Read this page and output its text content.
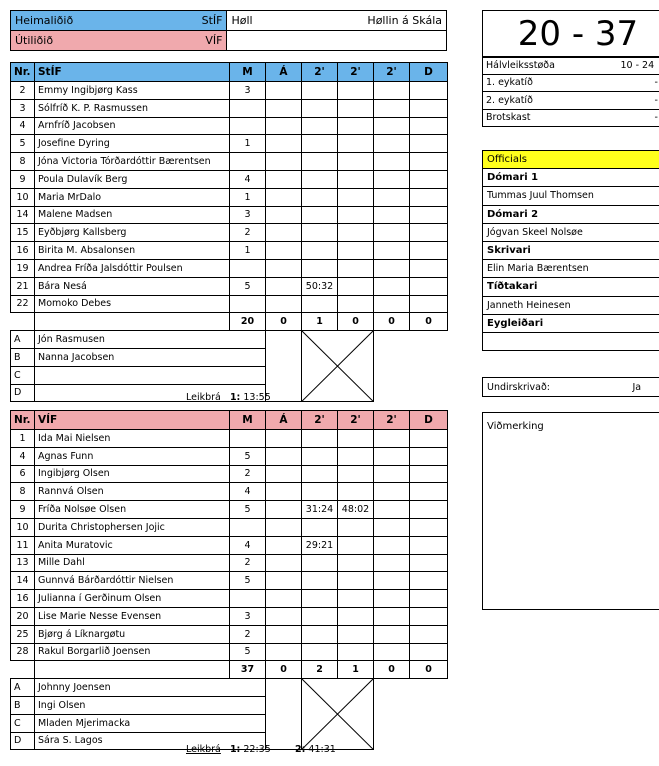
Heimaliðið StÍF	Høll Høllin á Skála

Útiliðið VÍF	

Nr.	StÍF	M	Á	2'	2'	2'	D
2	Emmy Ingibjørg Kass	3					
3	Sólfríð K. P. Rasmussen						
4	Arnfríð Jacobsen						
5	Josefine Dyring	1					
8	Jóna Victoria Tórðardóttir Bærentsen						
9	Poula Dulavík Berg	4					
10	Maria MrDalo	1					
14	Malene Madsen	3					
15	Eyðbjørg Kallsberg	2					
16	Birita M. Absalonsen	1					
19	Andrea Fríða Jalsdóttir Poulsen						
21	Bára Nesá	5		50:32			
22	Momoko Debes						
		20	0	1	0	0	0
A	Jón Rasmusen		

B	Nanna Jacobsen						
C							
D								Leikbrá 1: 13:55
Nr.	VÍF	M	Á	2'	2'	2'	D
1	Ida Mai Nielsen						
4	Agnas Funn	5					
6	Ingibjørg Olsen	2					
8	Rannvá Olsen	4					
9	Fríða Nolsøe Olsen	5		31:24	48:02		
10	Durita Christophersen Jojic						
11	Anita Muratovic	4		29:21			
13	Mille Dahl	2					
14	Gunnvá Bárðardóttir Nielsen	5					
16	Julianna í Gerðinum Olsen						
20	Lise Marie Nesse Evensen	3					
25	Bjørg á Líknargøtu	2					
28	Rakul Borgarlið Joensen	5					
		37	0	2	1	0	0
A	Johnny Joensen		

B	Ingi Olsen						
C	Mladen Mjerimacka						
D	Sára S. Lagos						
Leikbrá 1: 22:35	2: 41:31
20 - 37
Hálvleiksstøða	10 - 24

1. eykatíð	-

2. eykatíð	-

Brotskast	-
Officials
Dómari 1
Tummas Juul Thomsen
Dómari 2
Jógvan Skeel Nolsøe
Skrivari
Elin Maria Bærentsen
Tíðtakari
Janneth Heinesen
Eygleiðari

Undirskrivað:	Ja
Viðmerking
